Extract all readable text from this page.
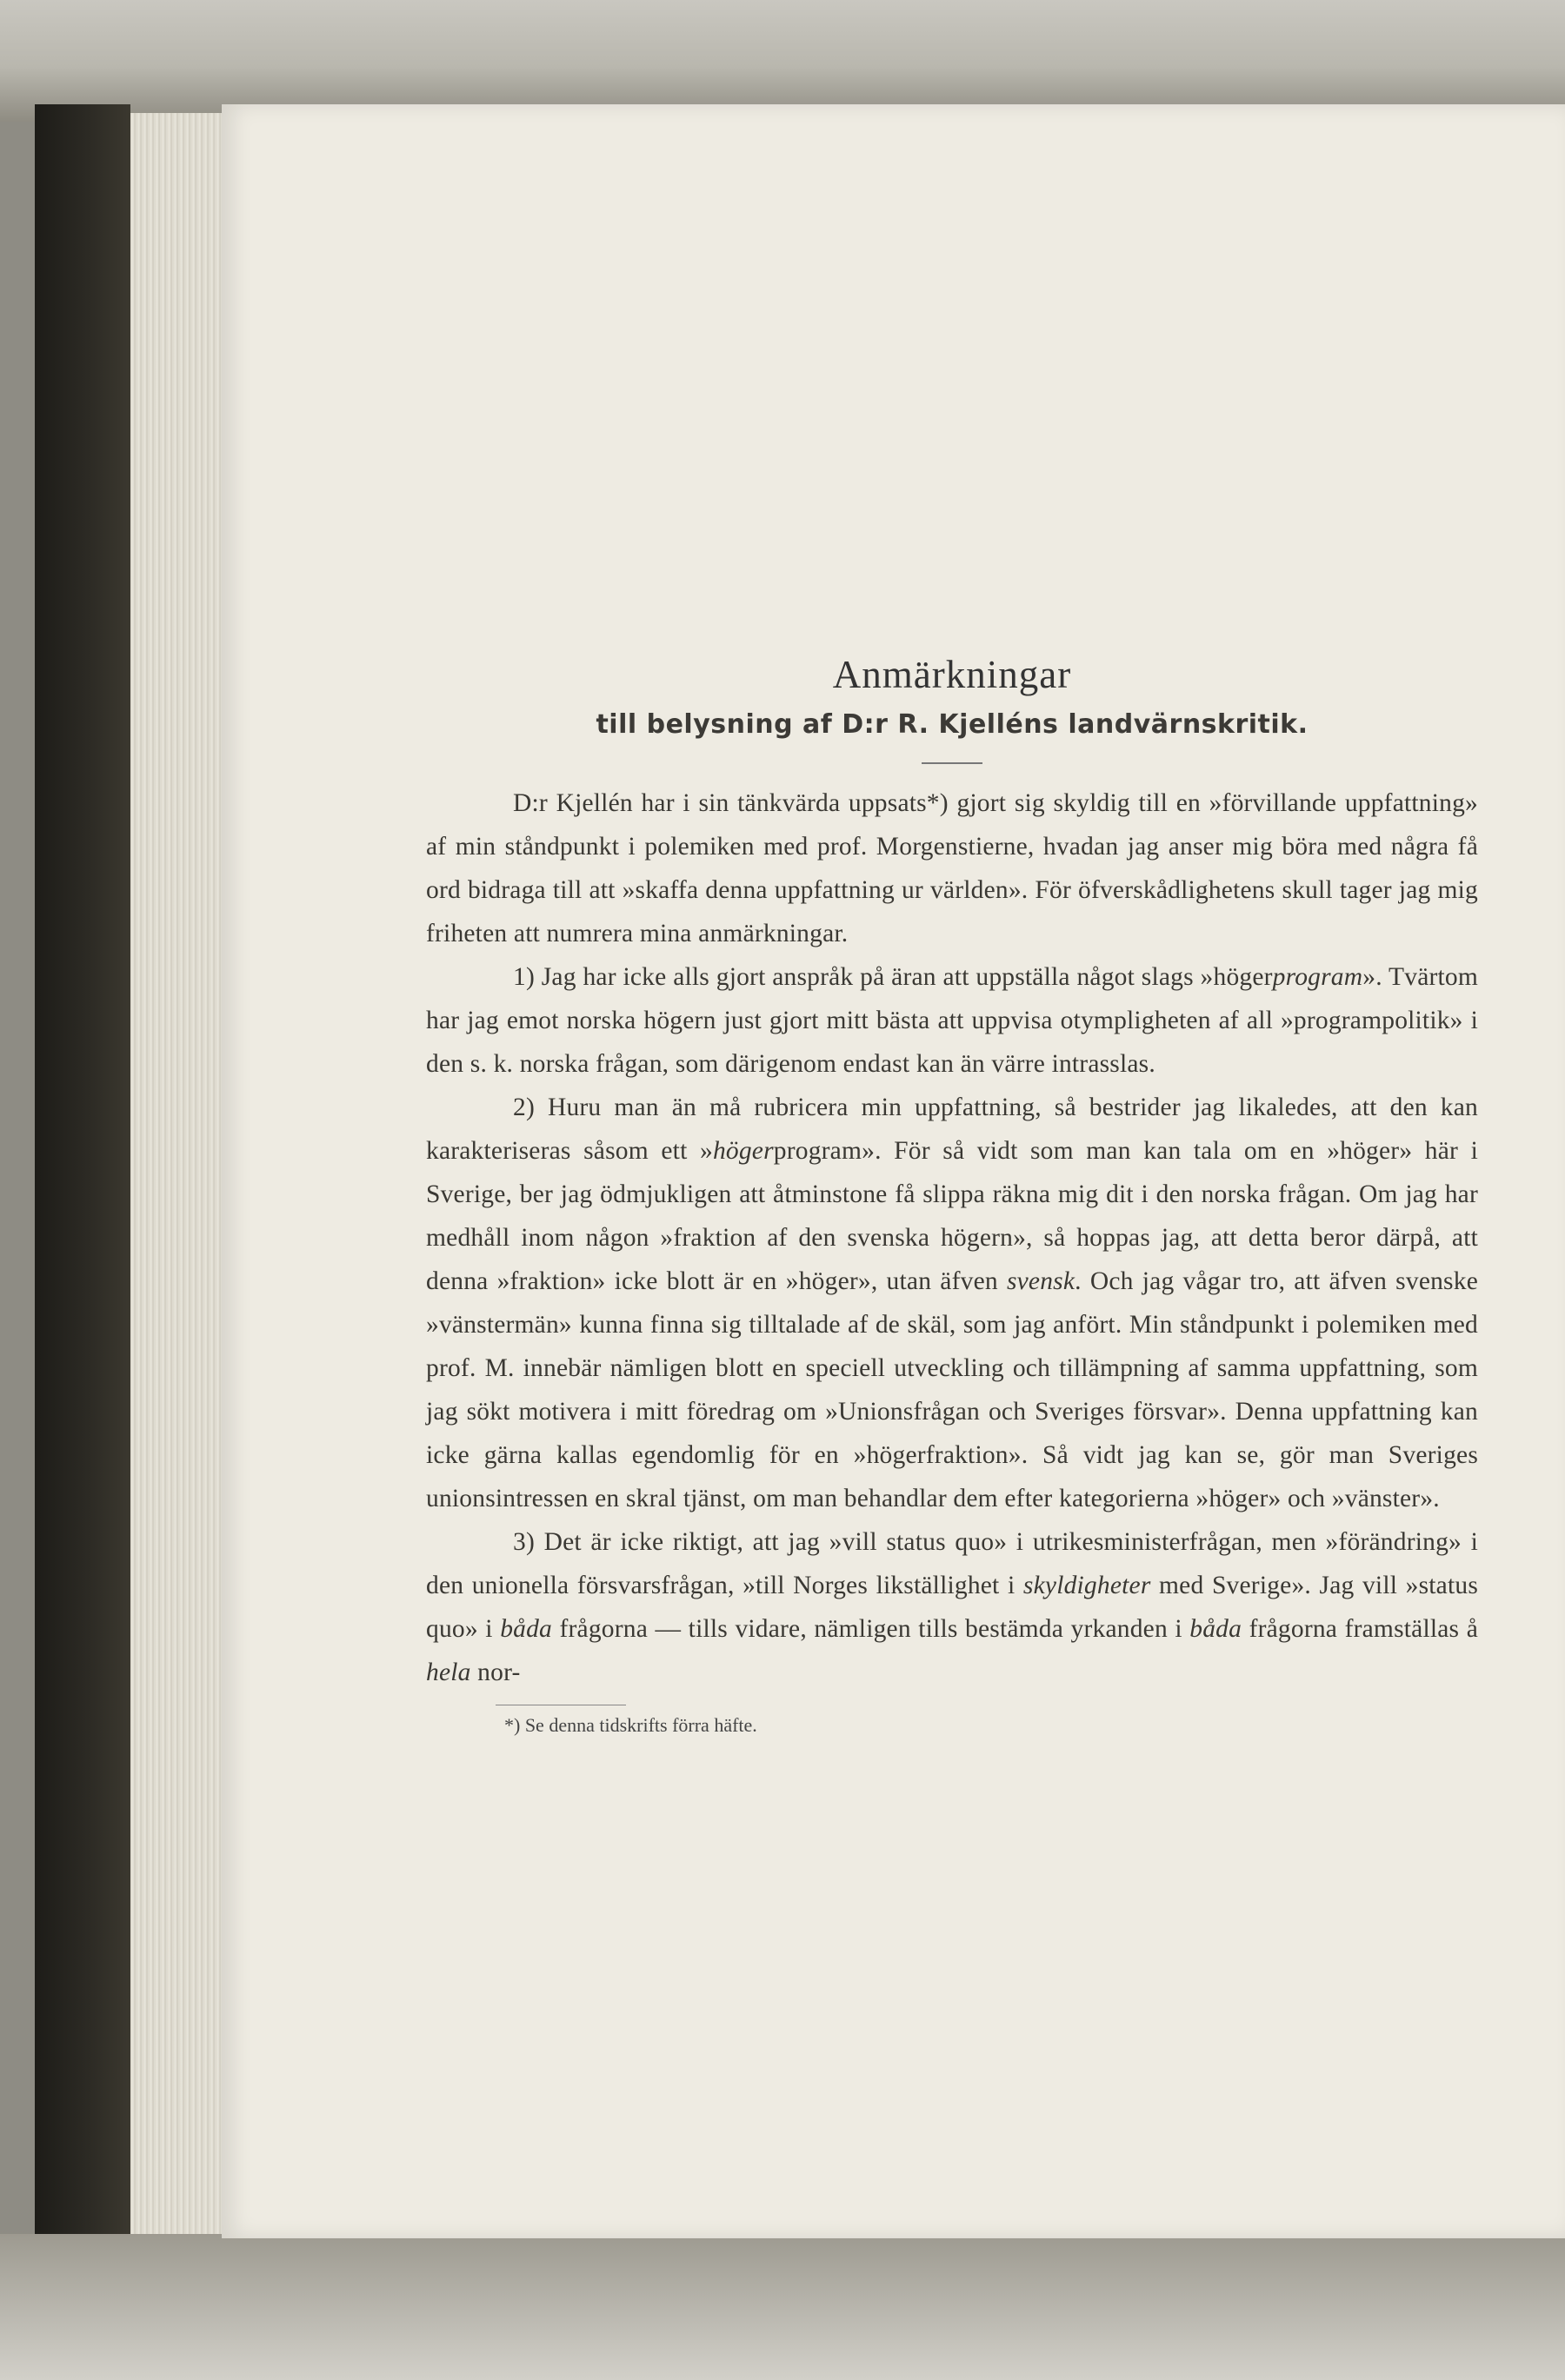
Anmärkningar

till belysning af D:r R. Kjelléns landvärnskritik.

D:r Kjellén har i sin tänkvärda uppsats*) gjort sig skyldig till en »förvillande uppfattning» af min ståndpunkt i polemiken med prof. Morgenstierne, hvadan jag anser mig böra med några få ord bidraga till att »skaffa denna uppfattning ur världen». För öfverskådlighetens skull tager jag mig friheten att numrera mina anmärkningar.

1) Jag har icke alls gjort anspråk på äran att uppställa något slags »högerprogram». Tvärtom har jag emot norska högern just gjort mitt bästa att uppvisa otympligheten af all »programpolitik» i den s. k. norska frågan, som därigenom endast kan än värre intrasslas.

2) Huru man än må rubricera min uppfattning, så bestrider jag likaledes, att den kan karakteriseras såsom ett »högerprogram». För så vidt som man kan tala om en »höger» här i Sverige, ber jag ödmjukligen att åtminstone få slippa räkna mig dit i den norska frågan. Om jag har medhåll inom någon »fraktion af den svenska högern», så hoppas jag, att detta beror därpå, att denna »fraktion» icke blott är en »höger», utan äfven svensk. Och jag vågar tro, att äfven svenske »vänstermän» kunna finna sig tilltalade af de skäl, som jag anfört. Min ståndpunkt i polemiken med prof. M. innebär nämligen blott en speciell utveckling och tillämpning af samma uppfattning, som jag sökt motivera i mitt föredrag om »Unionsfrågan och Sveriges försvar». Denna uppfattning kan icke gärna kallas egendomlig för en »högerfraktion». Så vidt jag kan se, gör man Sveriges unionsintressen en skral tjänst, om man behandlar dem efter kategorierna »höger» och »vänster».

3) Det är icke riktigt, att jag »vill status quo» i utrikesministerfrågan, men »förändring» i den unionella försvarsfrågan, »till Norges likställighet i skyldigheter med Sverige». Jag vill »status quo» i båda frågorna — tills vidare, nämligen tills bestämda yrkanden i båda frågorna framställas å hela nor-

*) Se denna tidskrifts förra häfte.
